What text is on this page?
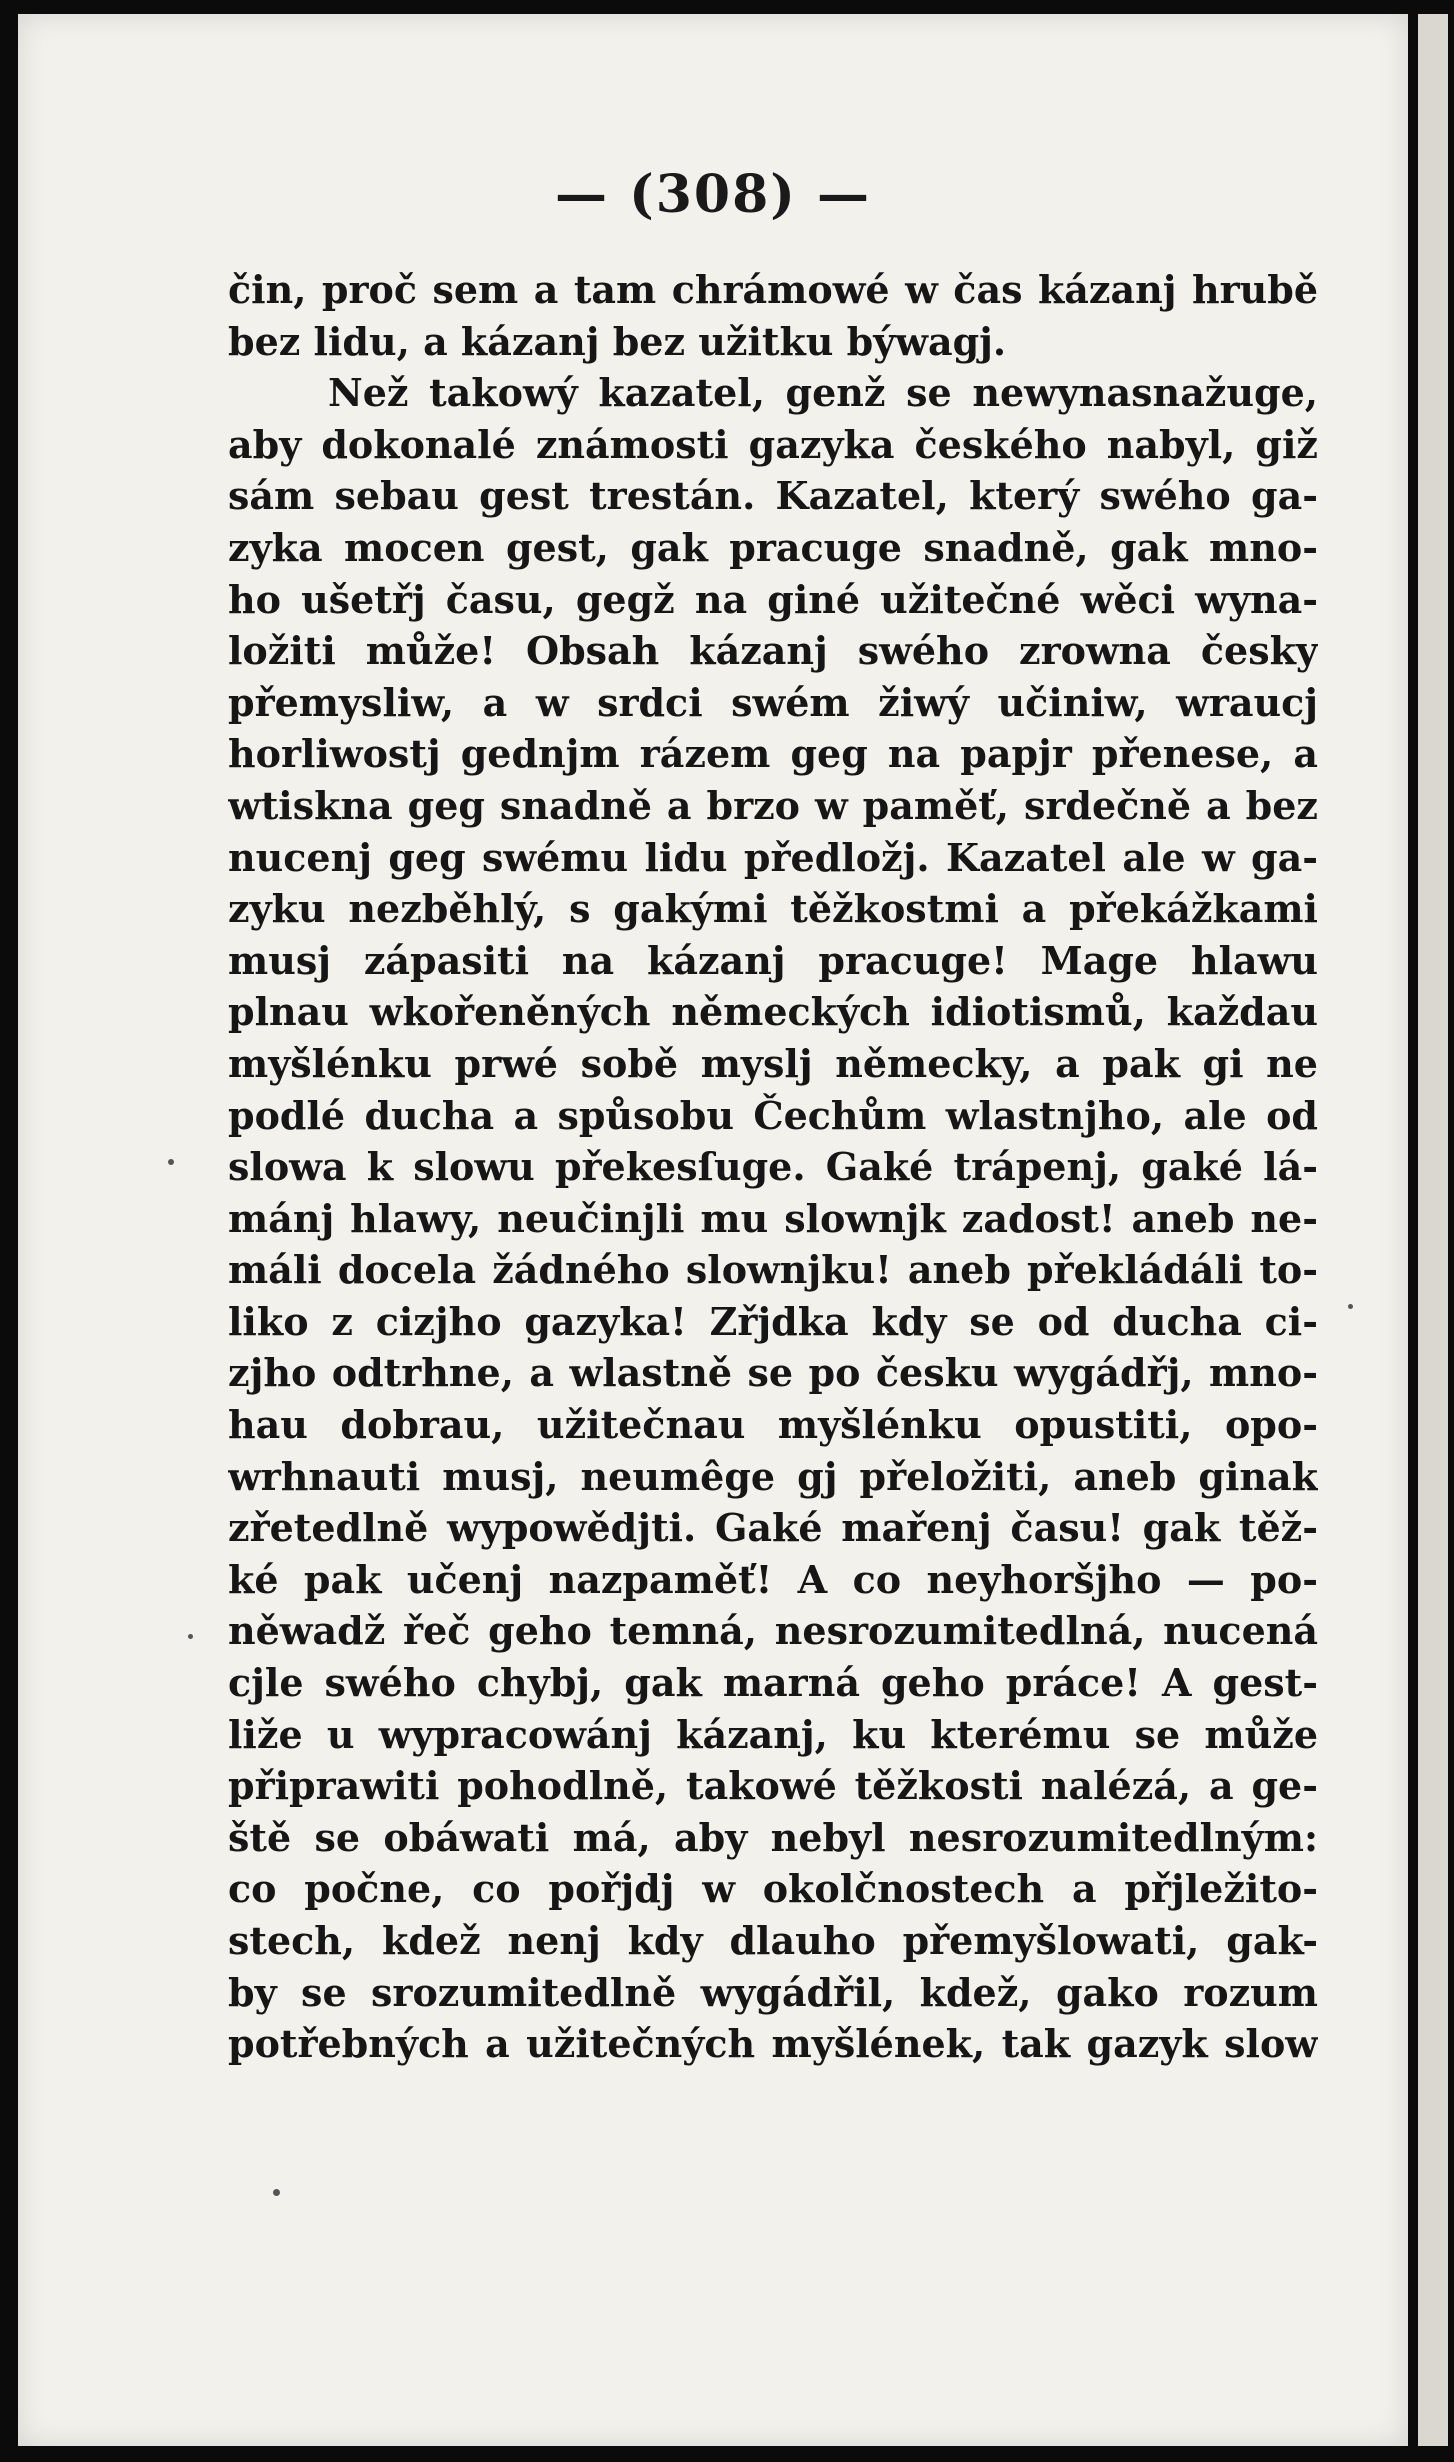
— (308) —
čin, proč sem a tam chrámowé w čas kázanj hrubě
bez lidu, a kázanj bez užitku býwagj.
Než takowý kazatel, genž se newynasnažuge,
aby dokonalé známosti gazyka českého nabyl, giž
sám sebau gest trestán. Kazatel, který swého ga-
zyka mocen gest, gak pracuge snadně, gak mno-
ho ušetřj času, gegž na giné užitečné wěci wyna-
ložiti může! Obsah kázanj swého zrowna česky
přemysliw, a w srdci swém žiwý učiniw, wraucj
horliwostj gednjm rázem geg na papjr přenese, a
wtisknа geg snadně a brzo w paměť, srdečně a bez
nucenj geg swému lidu předložj. Kazatel ale w ga-
zyku nezběhlý, s gakými těžkostmi a překážkami
musj zápasiti na kázanj pracuge! Mage hlawu
plnau wkořeněných německých idiotismů, každau
myšlénku prwé sobě myslj německy, a pak gi ne
podlé ducha a spůsobu Čechům wlastnjho, ale od
slowa k slowu překesſuge. Gaké trápenj, gaké lá-
mánj hlawy, neučinjli mu slownjk zadost! aneb ne-
máli docela žádného slownjku! aneb překládáli to-
liko z cizjho gazyka! Zřjdka kdy se od ducha ci-
zjho odtrhne, a wlastně se po česku wygádřj, mno-
hau dobrau, užitečnau myšlénku opustiti, opo-
wrhnauti musj, neumêge gj přeložiti, aneb ginak
zřetedlně wypowědjti. Gaké mařenj času! gak těž-
ké pak učenj nazpaměť! A co neyhoršjho — po-
něwadž řeč geho temná, nesrozumitedlná, nucená
cjle swého chybj, gak marná geho práce! A gest-
liže u wypracowánj kázanj, ku kterému se může
připrawiti pohodlně, takowé těžkosti nalézá, a ge-
ště se obáwati má, aby nebyl nesrozumitedlným:
co počne, co pořjdj w okolčnostech a přjležito-
stech, kdež nenj kdy dlauho přemyšlowati, gak-
by se srozumitedlně wygádřil, kdež, gako rozum
potřebných a užitečných myšlének, tak gazyk slow
